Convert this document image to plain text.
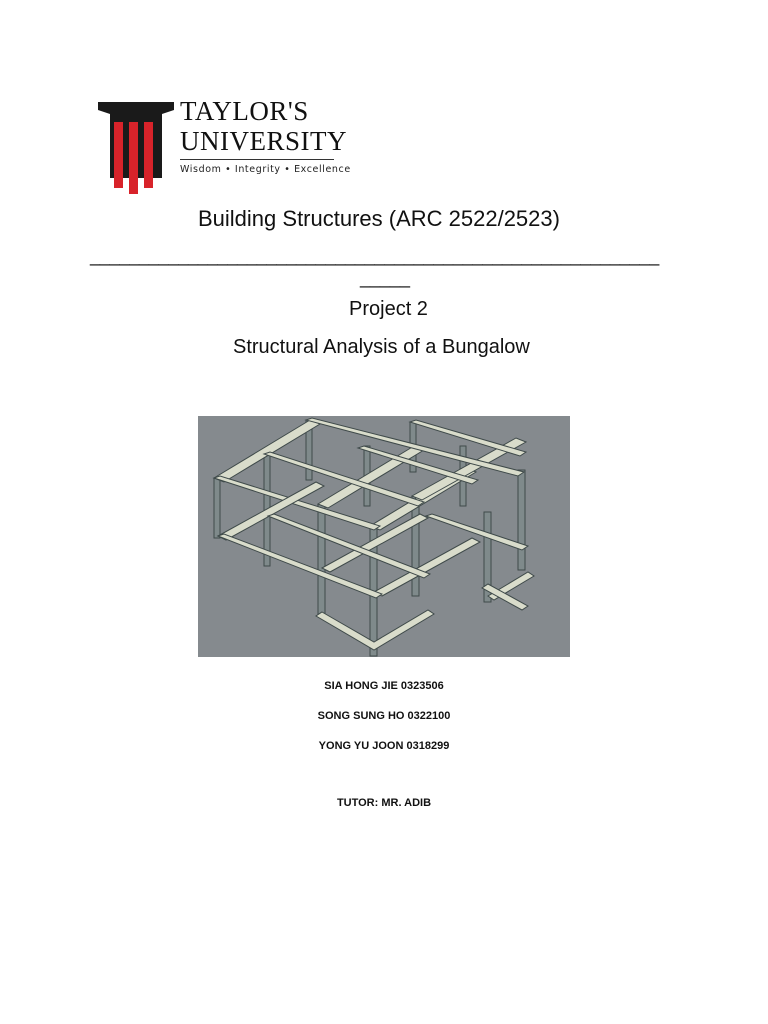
TAYLOR'S
UNIVERSITY
Wisdom • Integrity • Excellence
Building Structures (ARC 2522/2523)
__________________________________________________________
_____
Project 2
Structural Analysis of a Bungalow
SIA HONG JIE 0323506
SONG SUNG HO 0322100
YONG YU JOON 0318299
TUTOR: MR. ADIB
